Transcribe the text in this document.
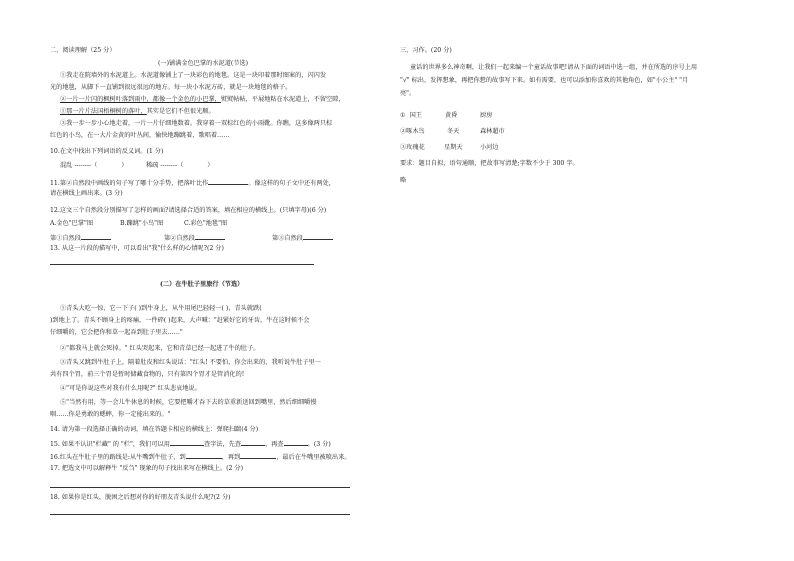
二、阅读理解（25 分）
(一)铺满金色巴掌的水泥道(节选)
①我走在院墙外的水泥道上。水泥道像铺上了一块彩色的地毯。这是一块印着那时图案的、闪闪发
光的地毯，从脚下一直铺到很远很远的地方。每一块小水泥方砖，就是一块地毯的格子。
②一片一片闪的枫树叶落到雨中，都像一个金色的小巴掌，熨熨帖帖，平展地粘在水泥道上，不留空隙，
①那一片片法国梧桐树的落叶，其实是它们不但很光顺。
③我一步一步小心地走着，一片一片仔细地数着。我穿着一双棕红色的小雨靴。你瞧，这多像两只棕
红色的小鸟，在一大片金黄的叶丛间，愉快地蹦跳着，歌唱着……
10.在文中找出下列词语的反义词。(1 分)
混乱 --------（	）	稀疏 --------（	）
11.第②自然段中画线的句子写了哪十分手势，把落叶比作	。像这样的句子文中还有两处，
请在横线上画出来。(3 分)
12.这文三个自然段分别描写了怎样的画面?请选择合适的答案，填在相应的横线上。(只填字母)(6 分)
A.金色"巴掌"图	B.蹦跳"小鸟"图	C.彩色"地毯"图
第①自然段	第②自然段	第③自然段
13. 从这一片段的描写中，可以看出"我"什么样的心情呢?(2 分)
(二）在牛肚子里旅行（节选）
①青头大吃一惊，它一下子( )到牛身上，从牛用尾巴轻轻一( )，青头就跌(
)到地上了。青头不顾身上的疼痛，一件碎( )起来，大声喊："赶紧好它的牙齿，牛在这时候不会
仔细嚼的，它会把你和草一起吞到肚子里去……"
②"都我马上就会死掉。" 红头哭起来，它和青草已经一起进了牛的肚子。
③青头又跳到牛肚子上，隔着肚皮和红头说话："红头! 不要怕，你会出来的，我听说牛肚子里一
共有四个胃，前三个胃是暂时储藏食物的，只有第四个胃才是管消化的!
④"可是你说这些对我有什么用呢?" 红头悲哀地说。
⑤"当然有用，等一会儿牛休息的时候，它要把嚼才吞下去的草重新送回到嘴里，然后细细嚼慢
咽……你是勇敢的蟋蟀，你一定能出来的。"
14. 请为第一段选择正确的动词，填在答题卡相应的横线上：弹爬扫踹(4 分)
15. 如果不认识"栏藏" 的 "栏"，我们可以用	查字法，先查	，再查	。(3 分)
16.红头在牛肚子里的路线是:从牛嘴到牛肚子，到	，再到	，最后在牛嘴里被喷出来。
17. 把选文中可以解释牛 "反刍" 现象的句子找出来写在横线上。(2 分)
18. 如果你是红头，脱困之后想对你的好朋友青头说什么呢?(2 分)
三、习作。(20 分)
童话的世界多么神奇啊，让我们一起来编一个童话故事吧!请从下面的词语中选一组，并在所选的序号上用
"√" 标出，发挥想象，再把你想的故事写下来。如有需要，也可以添加你喜欢的其他角色，如"小公主" "月
亮"。
① 国王	黄昏	厨房
②啄木鸟	冬天	森林超市
③玫瑰花	星期天	小河边
要求：题目自拟，语句通顺，把故事写清楚;字数不少于 300 字。
略
